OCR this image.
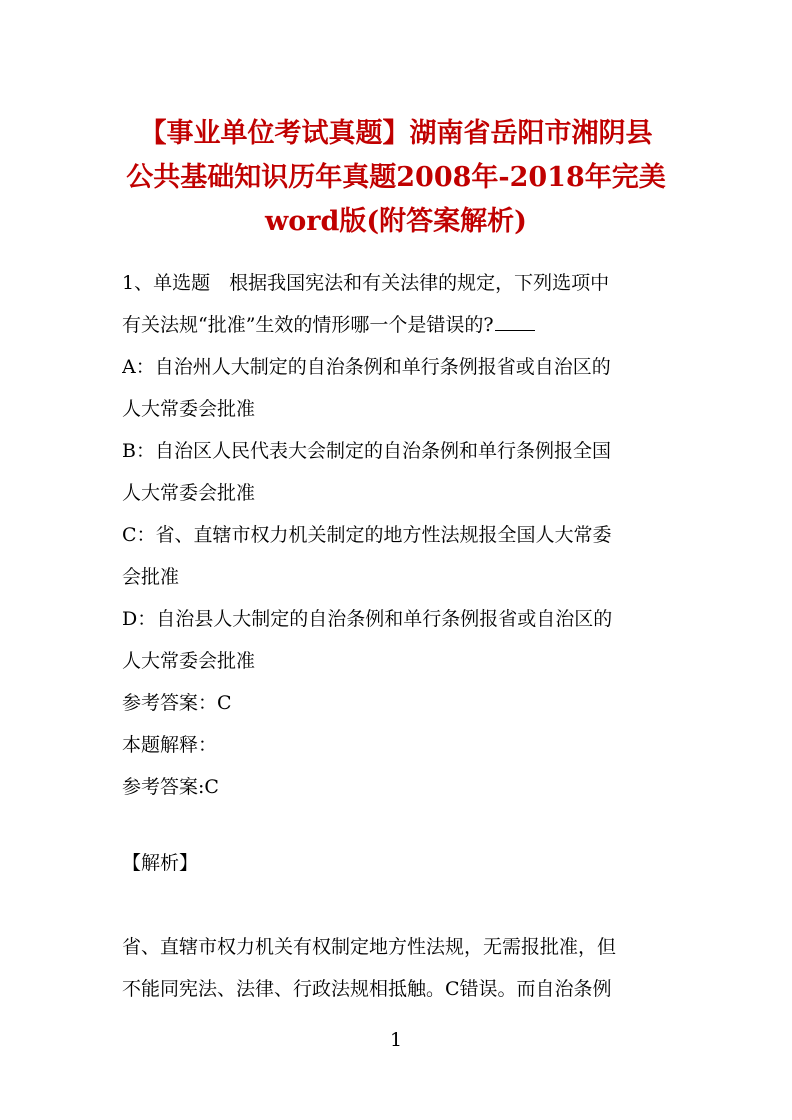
【事业单位考试真题】湖南省岳阳市湘阴县
公共基础知识历年真题2008年-2018年完美
word版(附答案解析)
1、单选题　根据我国宪法和有关法律的规定，下列选项中
有关法规“批准”生效的情形哪一个是错误的?
A：自治州人大制定的自治条例和单行条例报省或自治区的
人大常委会批准
B：自治区人民代表大会制定的自治条例和单行条例报全国
人大常委会批准
C：省、直辖市权力机关制定的地方性法规报全国人大常委
会批准
D：自治县人大制定的自治条例和单行条例报省或自治区的
人大常委会批准
参考答案：C
本题解释：
参考答案:C
【解析】
省、直辖市权力机关有权制定地方性法规，无需报批准，但
不能同宪法、法律、行政法规相抵触。C错误。而自治条例
1
